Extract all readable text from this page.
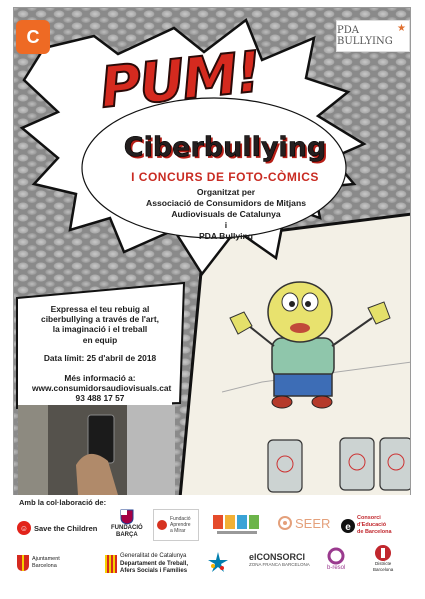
C	★
PDA BULLYING
PUM!
Ciberbullying
I CONCURS DE FOTO-CÒMICS
Organitzat per
Associació de Consumidors de Mitjans
Audiovisuals de Catalunya
i
PDA Bullying
Expressa el teu rebuig al
ciberbullying a través de l'art,
la imaginació i el treball
en equip
Data límit: 25 d'abril de 2018
Més informació a:
www.consumidorsaudiovisuals.cat
93 488 17 57
Amb la col·laboració de:
☺ Save the Children FUNDACIÓ
BARÇA
Fundació
Aprendre
a Mirar
SEER e
Consorci d'Educació
de Barcelona
Ajuntament
Barcelona
Generalitat de Catalunya
Departament de Treball,
Afers Socials i Famílies
elCONSORCI
ZONA FRANCA BARCELONA
b-resol
Districte
Barcelona
